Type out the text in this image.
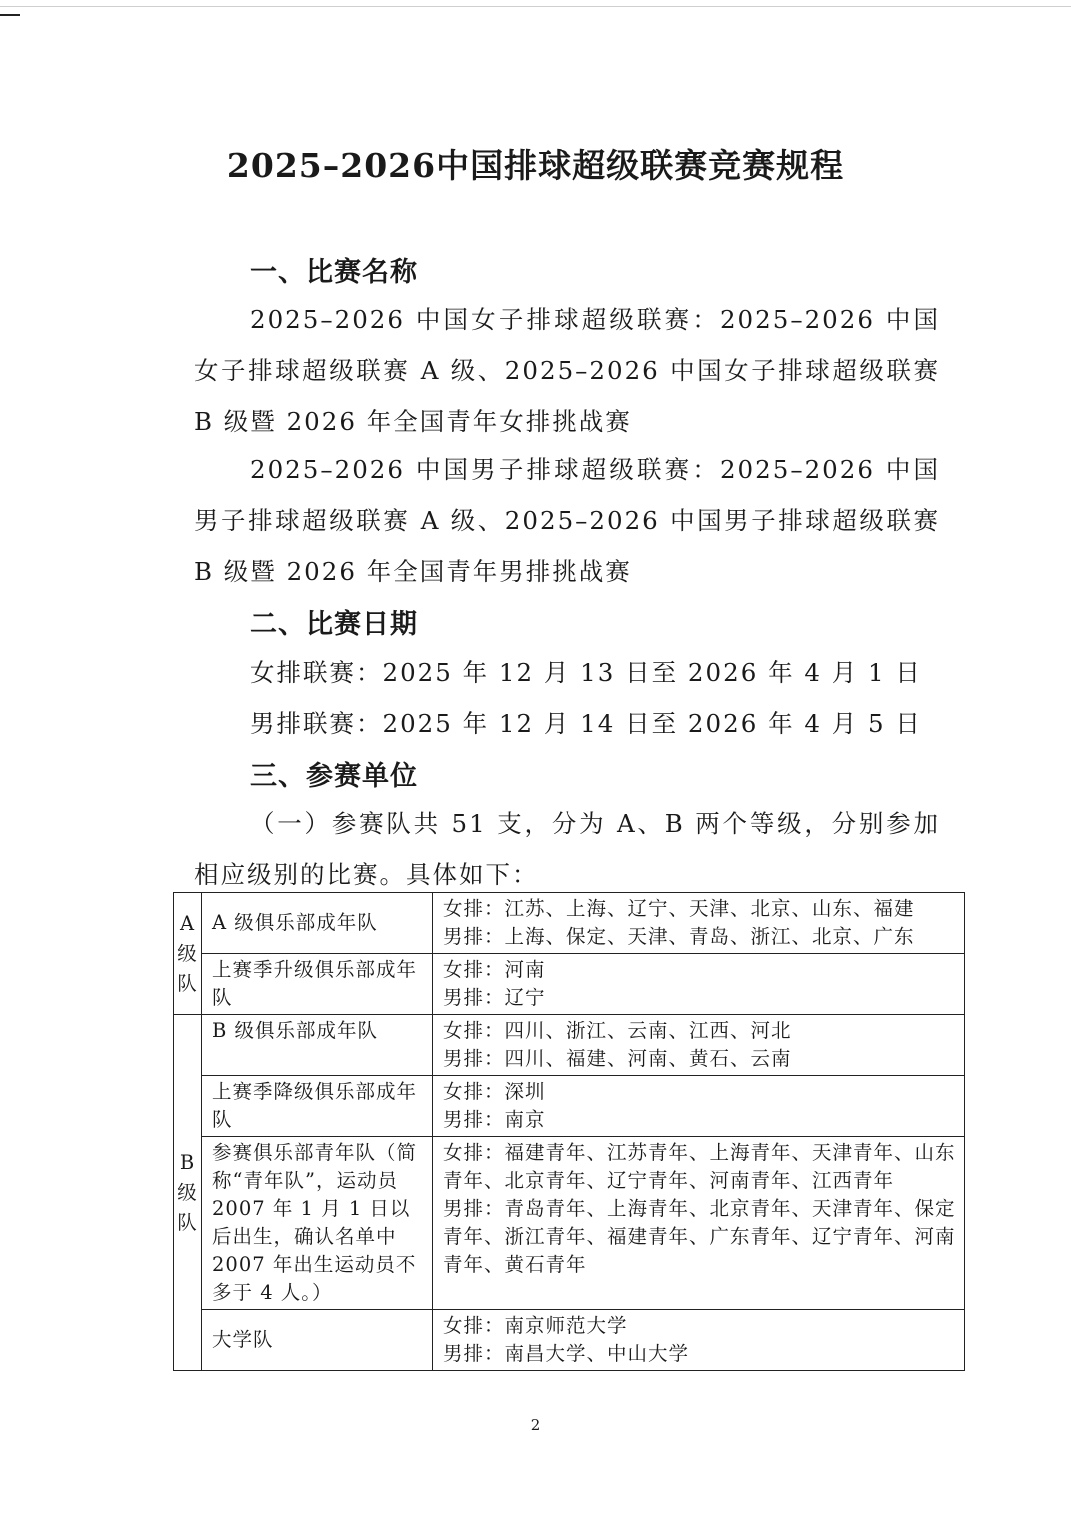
2025–2026中国排球超级联赛竞赛规程
一、比赛名称

2025–2026 中国女子排球超级联赛：2025–2026 中国女子排球超级联赛 A 级、2025–2026 中国女子排球超级联赛 B 级暨 2026 年全国青年女排挑战赛

2025–2026 中国男子排球超级联赛：2025–2026 中国男子排球超级联赛 A 级、2025–2026 中国男子排球超级联赛 B 级暨 2026 年全国青年男排挑战赛

二、比赛日期
女排联赛：2025 年 12 月 13 日至 2026 年 4 月 1 日
男排联赛：2025 年 12 月 14 日至 2026 年 4 月 5 日
三、参赛单位

（一）参赛队共 51 支，分为 A、B 两个等级，分别参加相应级别的比赛。具体如下：

A级队	A 级俱乐部成年队	女排：江苏、上海、辽宁、天津、北京、山东、福建
男排：上海、保定、天津、青岛、浙江、北京、广东

	上赛季升级俱乐部成年队	女排：河南
男排：辽宁

B级队	B 级俱乐部成年队	女排：四川、浙江、云南、江西、河北
男排：四川、福建、河南、黄石、云南

	上赛季降级俱乐部成年队	女排：深圳
男排：南京

	参赛俱乐部青年队（简称“青年队”，运动员 2007 年 1 月 1 日以后出生，确认名单中 2007 年出生运动员不多于 4 人。）	女排：福建青年、江苏青年、上海青年、天津青年、山东青年、北京青年、辽宁青年、河南青年、江西青年
男排：青岛青年、上海青年、北京青年、天津青年、保定青年、浙江青年、福建青年、广东青年、辽宁青年、河南青年、黄石青年

	大学队	女排：南京师范大学
男排：南昌大学、中山大学
2
